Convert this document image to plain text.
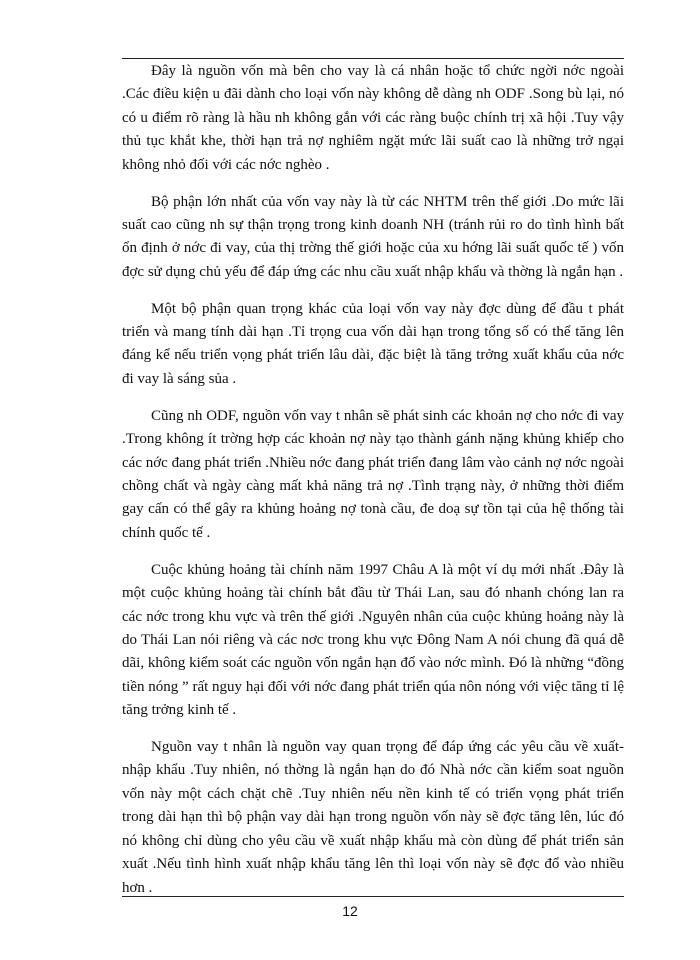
Đây là nguồn vốn mà bên cho vay là cá nhân hoặc tổ chức ngời nớc ngoài .Các điều kiện u đãi dành cho loại vốn này không dễ dàng nh ODF .Song bù lại, nó có u điểm rõ ràng là hầu nh không gắn với các ràng buộc chính trị xã hội .Tuy vậy thủ tục khắt khe, thời hạn trả nợ nghiêm ngặt mức lãi suất cao là những trở ngại không nhỏ đối với các nớc nghèo .

Bộ phận lớn nhất của vốn vay này là từ các NHTM trên thế giới .Do mức lãi suất cao cũng nh sự thận trọng trong kinh doanh NH (tránh rủi ro do tình hình bất ổn định ở nớc đi vay, của thị trờng thế giới hoặc của xu hớng lãi suất quốc tế ) vốn đợc sử dụng chủ yếu để đáp ứng các nhu cầu xuất nhập khẩu và thờng là ngắn hạn .

Một bộ phận quan trọng khác của loại vốn vay này đợc dùng để đầu t phát triển và mang tính dài hạn .Tỉ trọng cua vốn dài hạn trong tổng số có thể tăng lên đáng kể nếu triển vọng phát triển lâu dài, đặc biệt là tăng trởng xuất khẩu của nớc đi vay là sáng sủa .

Cũng nh ODF, nguồn vốn vay t nhân sẽ phát sinh các khoản nợ cho nớc đi vay .Trong không ít trờng hợp các khoản nợ này tạo thành gánh nặng khủng khiếp cho các nớc đang phát triển .Nhiều nớc đang phát triển đang lâm vào cảnh nợ nớc ngoài chồng chất và ngày càng mất khả năng trả nợ .Tình trạng này, ở những thời điểm gay cấn có thể gây ra khủng hoảng nợ tonà cầu, đe doạ sự tồn tại của hệ thống tài chính quốc tế .

Cuộc khủng hoảng tài chính năm 1997 Châu A là một ví dụ mới nhất .Đây là một cuộc khủng hoảng tài chính bắt đầu từ Thái Lan, sau đó nhanh chóng lan ra các nớc trong khu vực và trên thế giới .Nguyên nhân của cuộc khủng hoảng này là do Thái Lan nói riêng và các nơc trong khu vực Đông Nam A nói chung đã quá dễ dãi, không kiểm soát các nguồn vốn ngắn hạn đổ vào nớc mình. Đó là những “đồng tiền nóng ” rất nguy hại đối với nớc đang phát triển qúa nôn nóng với việc tăng tỉ lệ tăng trởng kinh tế .

Nguồn vay t nhân là nguồn vay quan trọng để đáp ứng các yêu cầu về xuất-nhập khẩu .Tuy nhiên, nó thờng là ngắn hạn do đó Nhà nớc cần kiểm soat nguồn vốn này một cách chặt chẽ .Tuy nhiên nếu nền kinh tế có triển vọng phát triển trong dài hạn thì bộ phận vay dài hạn trong nguồn vốn này sẽ đợc tăng lên, lúc đó nó không chỉ dùng cho yêu cầu về xuất nhập khẩu mà còn dùng để phát triển sản xuất .Nếu tình hình xuất nhập khẩu tăng lên thì loại vốn này sẽ đợc đổ vào nhiều hơn .

12
